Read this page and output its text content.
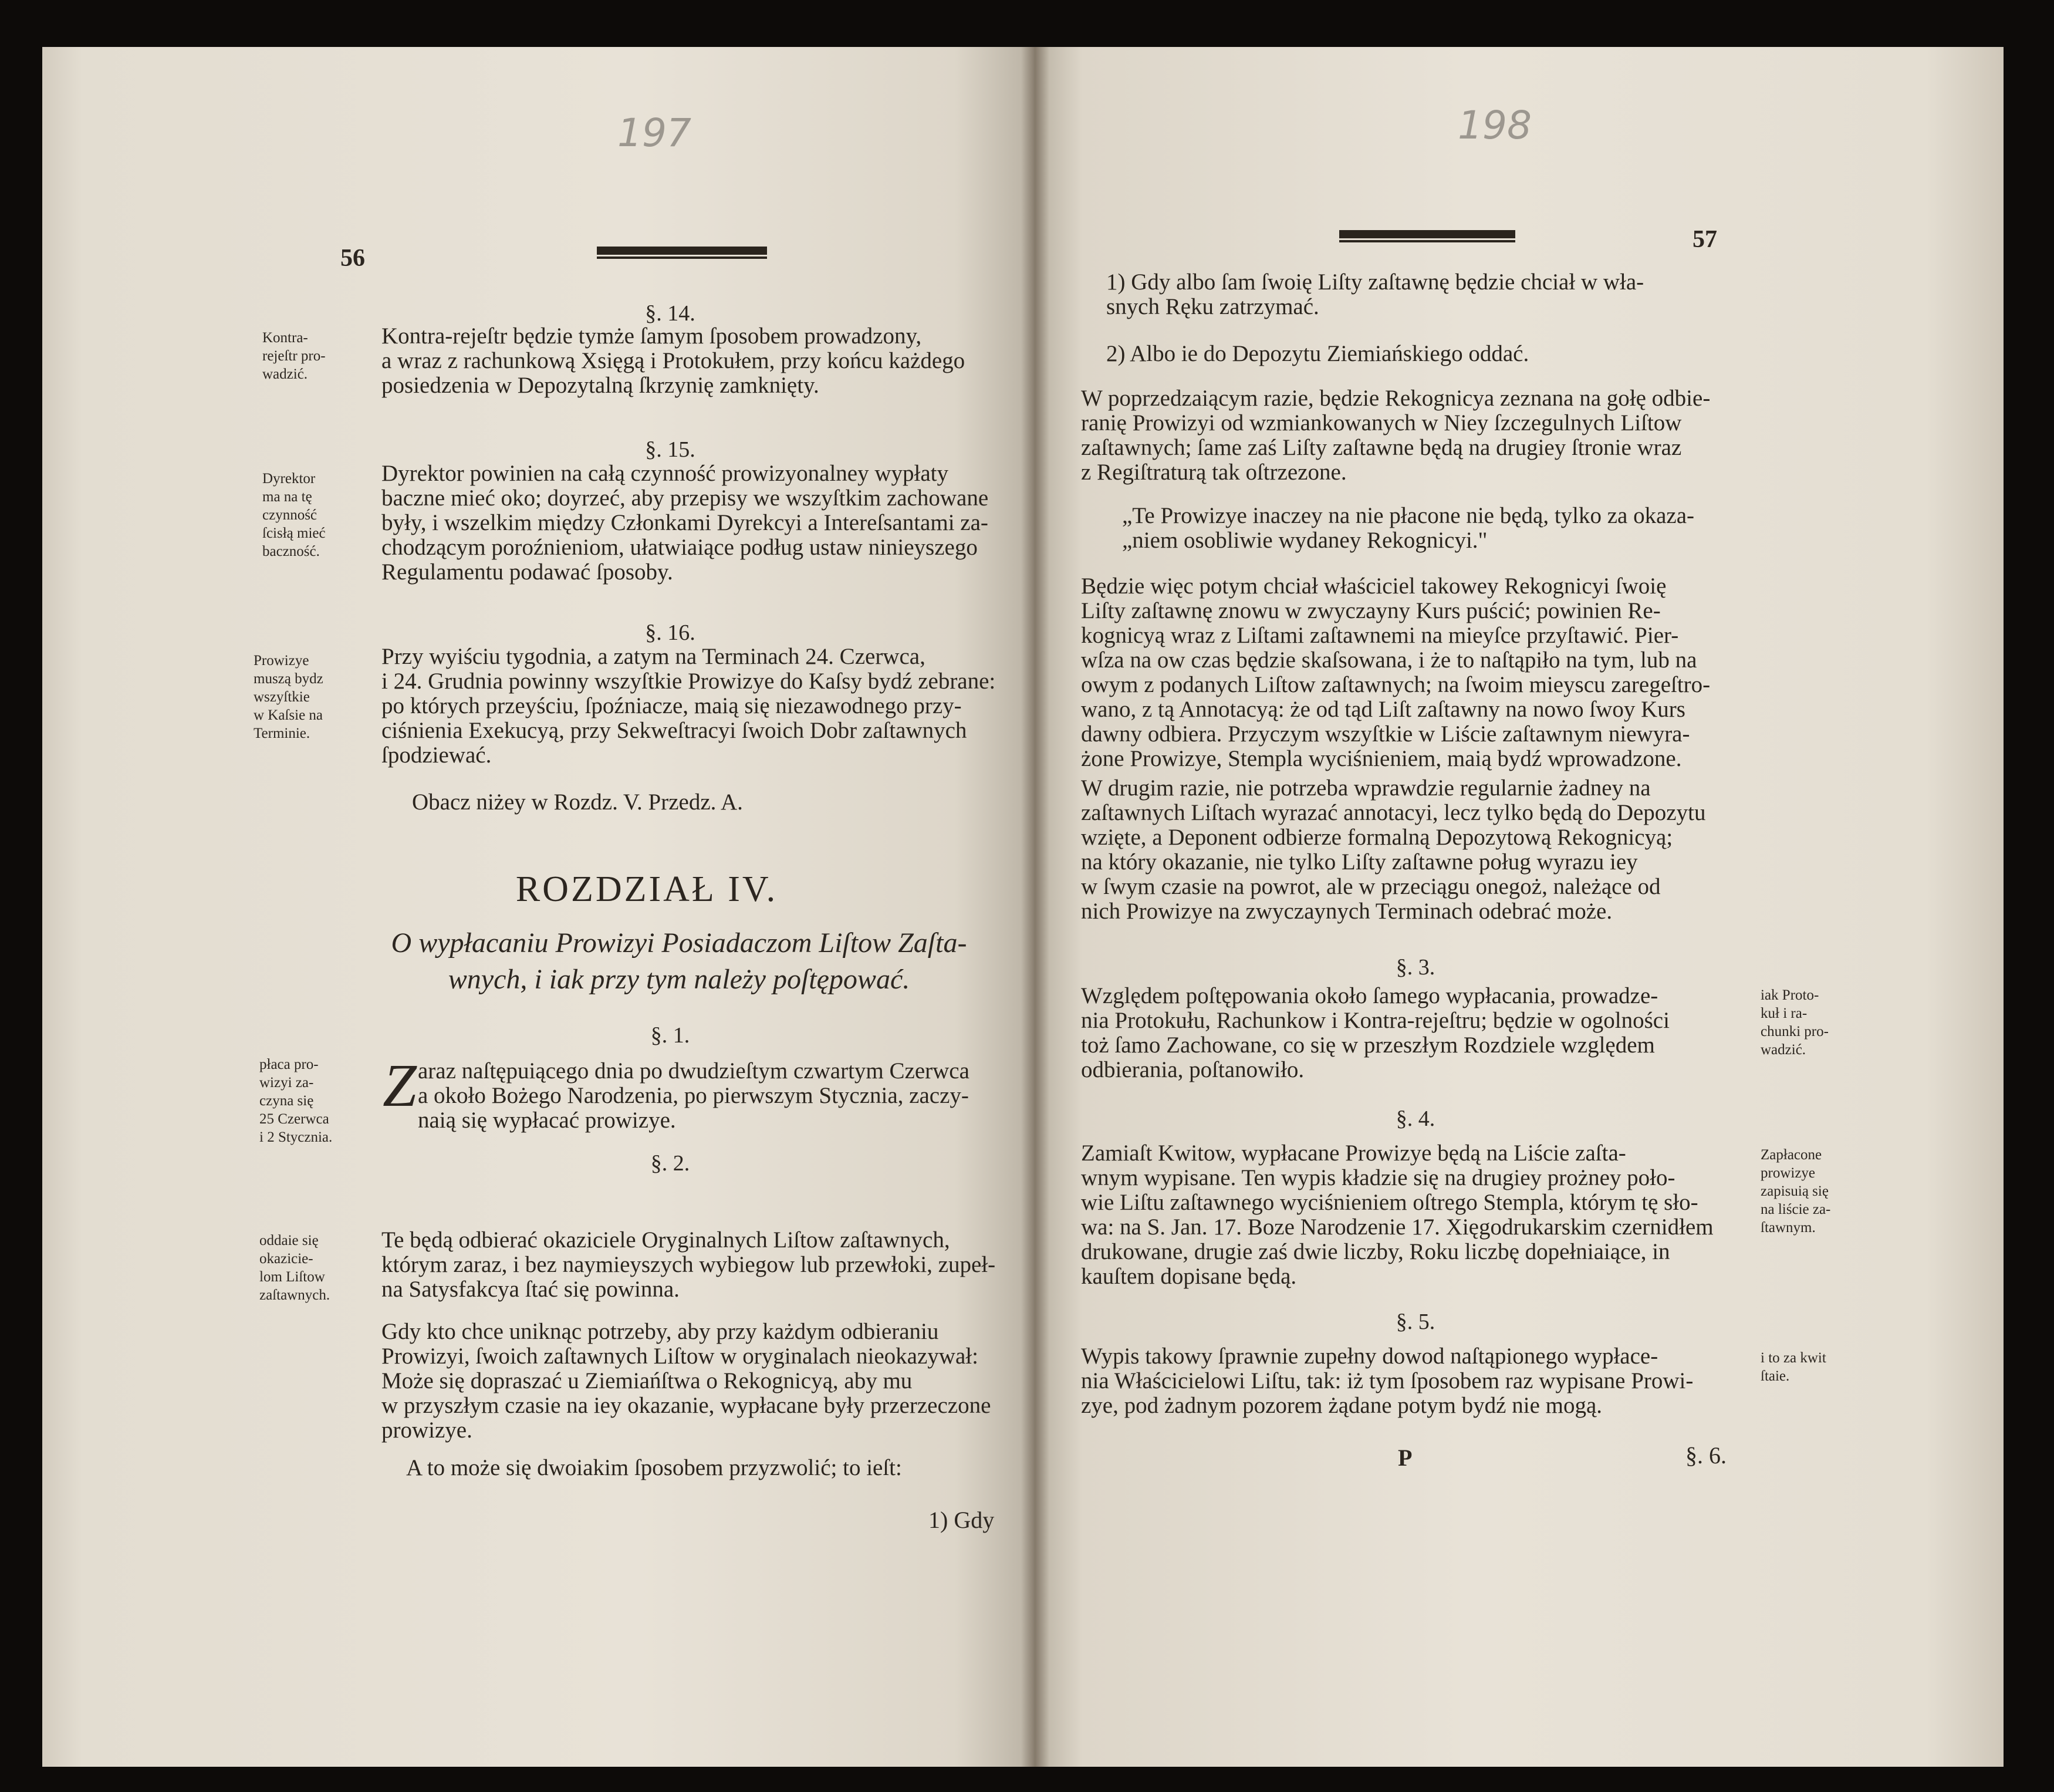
197
56
§. 14.
Kontra-
rejeſtr pro-
wadzić.
Kontra-rejeſtr będzie tymże ſamym ſposobem prowadzony,
a wraz z rachunkową Xsięgą i Protokułem, przy końcu każdego
posiedzenia w Depozytalną ſkrzynię zamknięty.
§. 15.
Dyrektor
ma na tę
czynność
ſcisłą mieć
baczność.
Dyrektor powinien na całą czynność prowizyonalney wypłaty
baczne mieć oko; doyrzeć, aby przepisy we wszyſtkim zachowane
były, i wszelkim między Członkami Dyrekcyi a Intereſsantami za-
chodzącym poroźnieniom, ułatwiaiące podług ustaw ninieyszego
Regulamentu podawać ſposoby.
§. 16.
Prowizye
muszą bydz
wszyſtkie
w Kaſsie na
Terminie.
Przy wyiściu tygodnia, a zatym na Terminach 24. Czerwca,
i 24. Grudnia powinny wszyſtkie Prowizye do Kaſsy bydź zebrane:
po których przeyściu, ſpoźniacze, maią się niezawodnego przy-
ciśnienia Exekucyą, przy Sekweſtracyi ſwoich Dobr zaſtawnych
ſpodziewać.
Obacz niżey w Rozdz. V. Przedz. A.
ROZDZIAŁ IV.
O wypłacaniu Prowizyi Posiadaczom Liſtow Zaſta-
wnych, i iak przy tym należy poſtępować.
§. 1.
płaca pro-
wizyi za-
czyna się
25 Czerwca
i 2 Stycznia.
Z araz naſtępuiącego dnia po dwudzieſtym czwartym Czerwca
a około Bożego Narodzenia, po pierwszym Stycznia, zaczy-
naią się wypłacać prowizye.
§. 2.
oddaie się
okazicie-
lom Liſtow
zaſtawnych.
Te będą odbierać okaziciele Oryginalnych Liſtow zaſtawnych,
którym zaraz, i bez naymieyszych wybiegow lub przewłoki, zupeł-
na Satysfakcya ſtać się powinna.
Gdy kto chce uniknąc potrzeby, aby przy każdym odbieraniu
Prowizyi, ſwoich zaſtawnych Liſtow w oryginalach nieokazywał:
Może się dopraszać u Ziemiańſtwa o Rekognicyą, aby mu
w przyszłym czasie na iey okazanie, wypłacane były przerzeczone
prowizye.
A to może się dwoiakim ſposobem przyzwolić; to ieſt:
1) Gdy
198
57
1) Gdy albo ſam ſwoię Liſty zaſtawnę będzie chciał w wła-
snych Ręku zatrzymać.
2) Albo ie do Depozytu Ziemiańskiego oddać.
W poprzedzaiącym razie, będzie Rekognicya zeznana na gołę odbie-
ranię Prowizyi od wzmiankowanych w Niey ſzczegulnych Liſtow
zaſtawnych; ſame zaś Liſty zaſtawne będą na drugiey ſtronie wraz
z Regiſtraturą tak oſtrzezone.
„Te Prowizye inaczey na nie płacone nie będą, tylko za okaza-
„niem osobliwie wydaney Rekognicyi."
Będzie więc potym chciał właściciel takowey Rekognicyi ſwoię
Liſty zaſtawnę znowu w zwyczayny Kurs puścić; powinien Re-
kognicyą wraz z Liſtami zaſtawnemi na mieyſce przyſtawić. Pier-
wſza na ow czas będzie skaſsowana, i że to naſtąpiło na tym, lub na
owym z podanych Liſtow zaſtawnych; na ſwoim mieyscu zaregeſtro-
wano, z tą Annotacyą: że od tąd Liſt zaſtawny na nowo ſwoy Kurs
dawny odbiera. Przyczym wszyſtkie w Liście zaſtawnym niewyra-
żone Prowizye, Stempla wyciśnieniem, maią bydź wprowadzone.
W drugim razie, nie potrzeba wprawdzie regularnie żadney na
zaſtawnych Liſtach wyrazać annotacyi, lecz tylko będą do Depozytu
wzięte, a Deponent odbierze formalną Depozytową Rekognicyą;
na który okazanie, nie tylko Liſty zaſtawne poług wyrazu iey
w ſwym czasie na powrot, ale w przeciągu onegoż, należące od
nich Prowizye na zwyczaynych Terminach odebrać może.
§. 3.
iak Proto-
kuł i ra-
chunki pro-
wadzić.
Względem poſtępowania około ſamego wypłacania, prowadze-
nia Protokułu, Rachunkow i Kontra-rejeſtru; będzie w ogolności
toż ſamo Zachowane, co się w przeszłym Rozdziele względem
odbierania, poſtanowiło.
§. 4.
Zapłacone
prowizye
zapisuią się
na liście za-
ſtawnym.
Zamiaſt Kwitow, wypłacane Prowizye będą na Liście zaſta-
wnym wypisane. Ten wypis kładzie się na drugiey prożney poło-
wie Liſtu zaſtawnego wyciśnieniem oſtrego Stempla, którym tę sło-
wa: na S. Jan. 17. Boze Narodzenie 17. Xięgodrukarskim czernidłem
drukowane, drugie zaś dwie liczby, Roku liczbę dopełniaiące, in
kauſtem dopisane będą.
§. 5.
i to za kwit
ſtaie.
Wypis takowy ſprawnie zupełny dowod naſtąpionego wypłace-
nia Właścicielowi Liſtu, tak: iż tym ſposobem raz wypisane Prowi-
zye, pod żadnym pozorem żądane potym bydź nie mogą.
P	§. 6.
